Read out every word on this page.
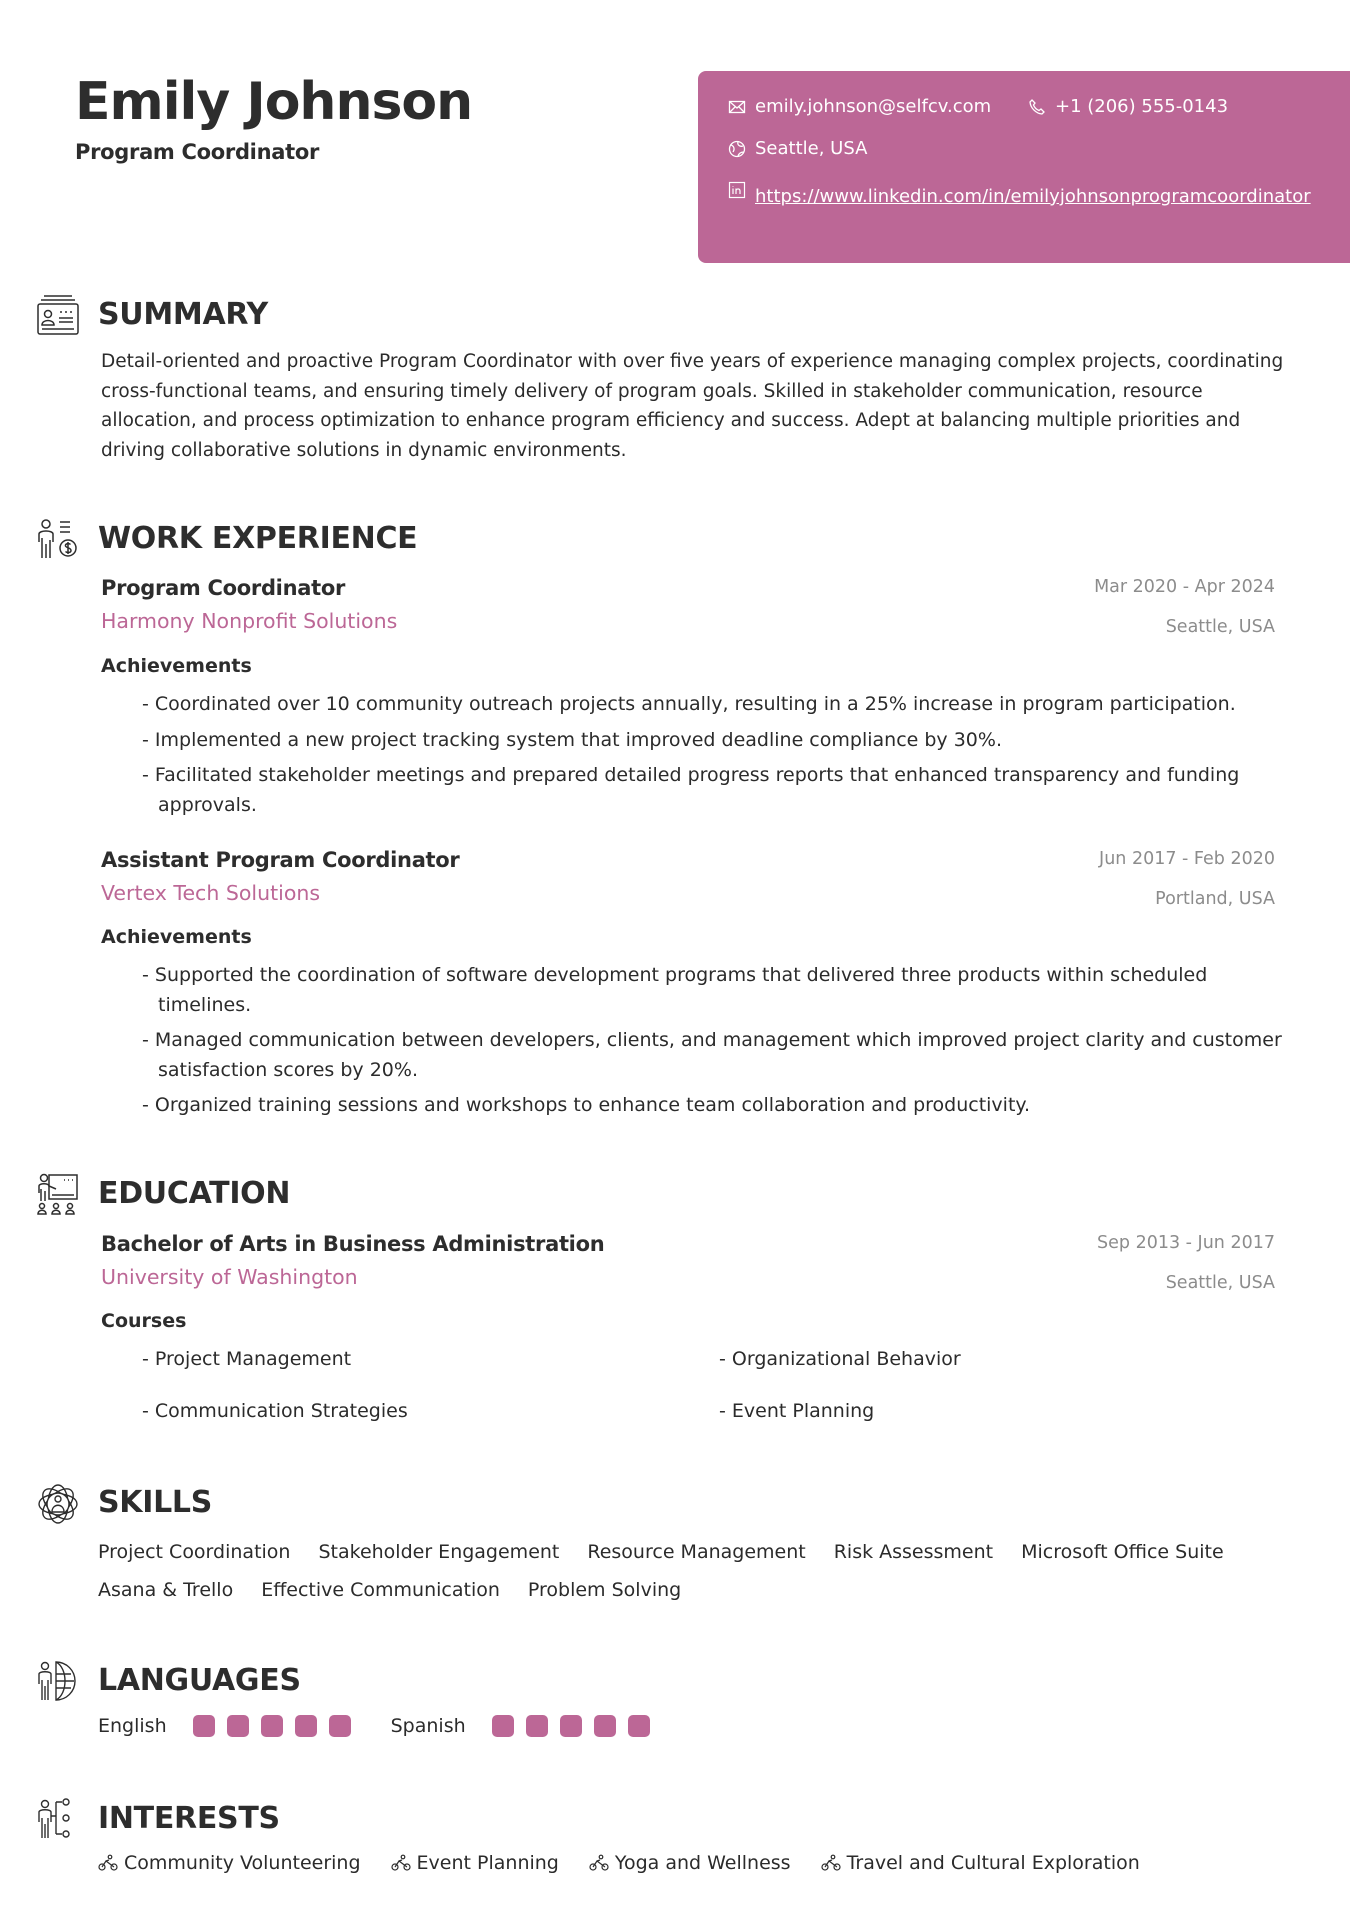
Emily Johnson
Program Coordinator
emily.johnson@selfcv.com	+1 (206) 555-0143
Seattle, USA
https://www.linkedin.com/in/emilyjohnsonprogramcoordinator
SUMMARY
Detail-oriented and proactive Program Coordinator with over five years of experience managing complex projects, coordinating cross-functional teams, and ensuring timely delivery of program goals. Skilled in stakeholder communication, resource allocation, and process optimization to enhance program efficiency and success. Adept at balancing multiple priorities and driving collaborative solutions in dynamic environments.
WORK EXPERIENCE
Program Coordinator
Harmony Nonprofit Solutions
Mar 2020 - Apr 2024
Seattle, USA
Achievements
- Coordinated over 10 community outreach projects annually, resulting in a 25% increase in program participation.
- Implemented a new project tracking system that improved deadline compliance by 30%.
- Facilitated stakeholder meetings and prepared detailed progress reports that enhanced transparency and funding approvals.
Assistant Program Coordinator
Vertex Tech Solutions
Jun 2017 - Feb 2020
Portland, USA
Achievements
- Supported the coordination of software development programs that delivered three products within scheduled timelines.
- Managed communication between developers, clients, and management which improved project clarity and customer satisfaction scores by 20%.
- Organized training sessions and workshops to enhance team collaboration and productivity.
EDUCATION
Bachelor of Arts in Business Administration
University of Washington
Sep 2013 - Jun 2017
Seattle, USA
Courses
- Project Management	- Organizational Behavior
- Communication Strategies	- Event Planning
SKILLS
Project Coordination Stakeholder Engagement Resource Management Risk Assessment Microsoft Office Suite
Asana & Trello Effective Communication Problem Solving
LANGUAGES
English	Spanish
INTERESTS
Community Volunteering	Event Planning	Yoga and Wellness	Travel and Cultural Exploration
